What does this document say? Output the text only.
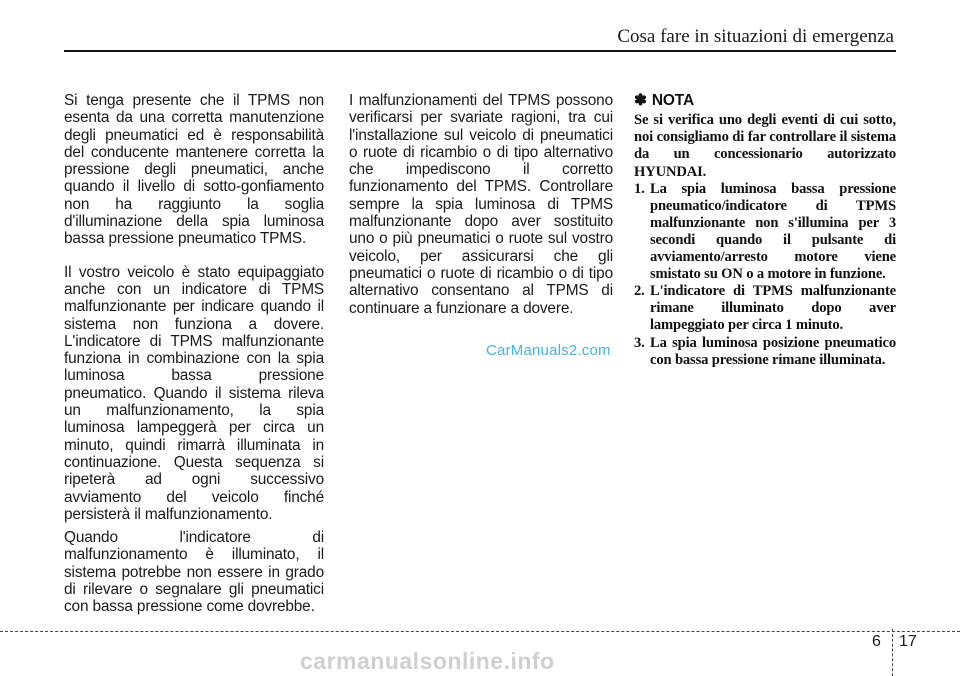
Cosa fare in situazioni di emergenza

Si tenga presente che il TPMS non esenta da una corretta manutenzione degli pneumatici ed è responsabilità del conducente mantenere corretta la pressione degli pneumatici, anche quando il livello di sotto-gonfiamento non ha raggiunto la soglia d'illuminazione della spia luminosa bassa pressione pneumatico TPMS.

Il vostro veicolo è stato equipaggiato anche con un indicatore di TPMS malfunzionante per indicare quando il sistema non funziona a dovere. L'indicatore di TPMS malfunzionante funziona in combinazione con la spia luminosa bassa pressione pneumatico. Quando il sistema rileva un malfunzionamento, la spia luminosa lampeggerà per circa un minuto, quindi rimarrà illuminata in continuazione. Questa sequenza si ripeterà ad ogni successivo avviamento del veicolo finché persisterà il malfunzionamento.

Quando l'indicatore di malfunzionamento è illuminato, il sistema potrebbe non essere in grado di rilevare o segnalare gli pneumatici con bassa pressione come dovrebbe.

I malfunzionamenti del TPMS possono verificarsi per svariate ragioni, tra cui l'installazione sul veicolo di pneumatici o ruote di ricambio o di tipo alternativo che impediscono il corretto funzionamento del TPMS. Controllare sempre la spia luminosa di TPMS malfunzionante dopo aver sostituito uno o più pneumatici o ruote sul vostro veicolo, per assicurarsi che gli pneumatici o ruote di ricambio o di tipo alternativo consentano al TPMS di continuare a funzionare a dovere.

✽ NOTA

Se si verifica uno degli eventi di cui sotto, noi consigliamo di far controllare il sistema da un concessionario autorizzato HYUNDAI.

1. La spia luminosa bassa pressione pneumatico/indicatore di TPMS malfunzionante non s'illumina per 3 secondi quando il pulsante di avviamento/arresto motore viene smistato su ON o a motore in funzione.
2. L'indicatore di TPMS malfunzionante rimane illuminato dopo aver lampeggiato per circa 1 minuto.
3. La spia luminosa posizione pneumatico con bassa pressione rimane illuminata.
CarManuals2.com
6 17
carmanualsonline.info
